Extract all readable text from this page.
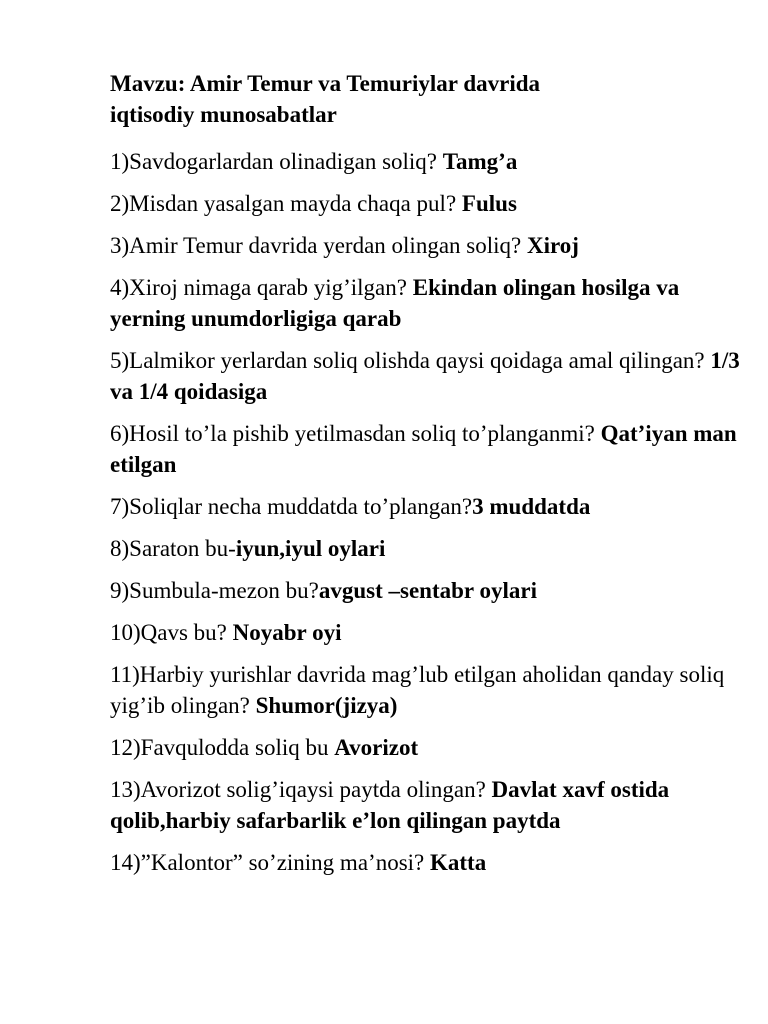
Mavzu: Amir Temur va Temuriylar davrida
iqtisodiy munosabatlar
1)Savdogarlardan olinadigan soliq? Tamg’a
2)Misdan yasalgan mayda chaqa pul? Fulus
3)Amir Temur davrida yerdan olingan soliq? Xiroj
4)Xiroj nimaga qarab yig’ilgan? Ekindan olingan hosilga va yerning unumdorligiga qarab
5)Lalmikor yerlardan soliq olishda qaysi qoidaga amal qilingan? 1/3 va 1/4 qoidasiga
6)Hosil to’la pishib yetilmasdan soliq to’planganmi? Qat’iyan man etilgan
7)Soliqlar necha muddatda to’plangan?3 muddatda
8)Saraton bu-iyun,iyul oylari
9)Sumbula-mezon bu?avgust –sentabr oylari
10)Qavs bu? Noyabr oyi
11)Harbiy yurishlar davrida mag’lub etilgan aholidan qanday soliq yig’ib olingan? Shumor(jizya)
12)Favqulodda soliq bu Avorizot
13)Avorizot solig’iqaysi paytda olingan? Davlat xavf ostida qolib,harbiy safarbarlik e’lon qilingan paytda
14)”Kalontor” so’zining ma’nosi? Katta
